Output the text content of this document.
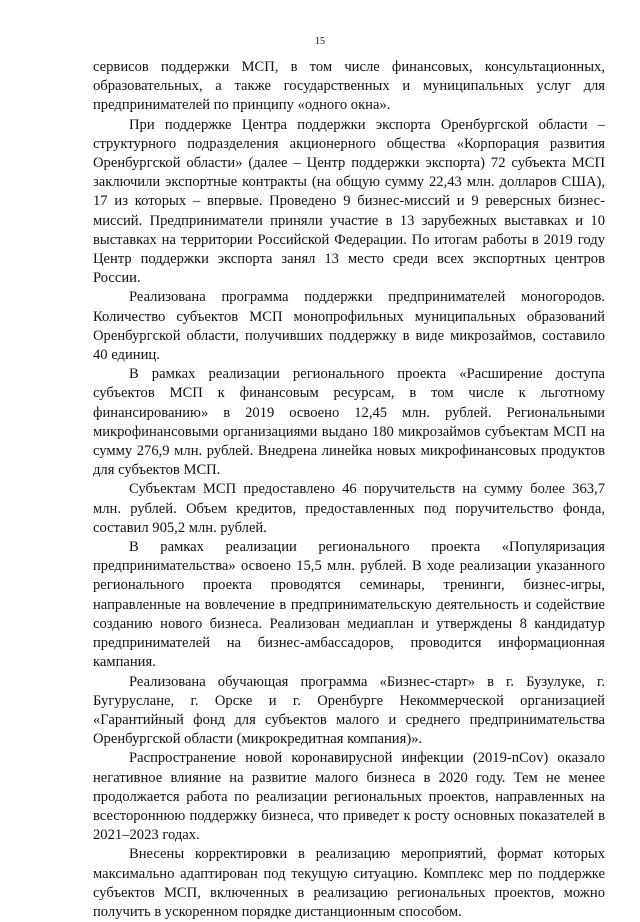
15

сервисов поддержки МСП, в том числе финансовых, консультационных, образовательных, а также государственных и муниципальных услуг для предпринимателей по принципу «одного окна».

При поддержке Центра поддержки экспорта Оренбургской области – структурного подразделения акционерного общества «Корпорация развития Оренбургской области» (далее – Центр поддержки экспорта) 72 субъекта МСП заключили экспортные контракты (на общую сумму 22,43 млн. долларов США), 17 из которых – впервые. Проведено 9 бизнес-миссий и 9 реверсных бизнес-миссий. Предприниматели приняли участие в 13 зарубежных выставках и 10 выставках на территории Российской Федерации. По итогам работы в 2019 году Центр поддержки экспорта занял 13 место среди всех экспортных центров России.

Реализована программа поддержки предпринимателей моногородов. Количество субъектов МСП монопрофильных муниципальных образований Оренбургской области, получивших поддержку в виде микрозаймов, составило 40 единиц.

В рамках реализации регионального проекта «Расширение доступа субъектов МСП к финансовым ресурсам, в том числе к льготному финансированию» в 2019 освоено 12,45 млн. рублей. Региональными микрофинансовыми организациями выдано 180 микрозаймов субъектам МСП на сумму 276,9 млн. рублей. Внедрена линейка новых микрофинансовых продуктов для субъектов МСП.

Субъектам МСП предоставлено 46 поручительств на сумму более 363,7 млн. рублей. Объем кредитов, предоставленных под поручительство фонда, составил 905,2 млн. рублей.

В рамках реализации регионального проекта «Популяризация предпринимательства» освоено 15,5 млн. рублей. В ходе реализации указанного регионального проекта проводятся семинары, тренинги, бизнес-игры, направленные на вовлечение в предпринимательскую деятельность и содействие созданию нового бизнеса. Реализован медиаплан и утверждены 8 кандидатур предпринимателей на бизнес-амбассадоров, проводится информационная кампания.

Реализована обучающая программа «Бизнес-старт» в г. Бузулуке, г. Бугуруслане, г. Орске и г. Оренбурге Некоммерческой организацией «Гарантийный фонд для субъектов малого и среднего предпринимательства Оренбургской области (микрокредитная компания)».

Распространение новой коронавирусной инфекции (2019-nCov) оказало негативное влияние на развитие малого бизнеса в 2020 году. Тем не менее продолжается работа по реализации региональных проектов, направленных на всестороннюю поддержку бизнеса, что приведет к росту основных показателей в 2021–2023 годах.

Внесены корректировки в реализацию мероприятий, формат которых максимально адаптирован под текущую ситуацию. Комплекс мер по поддержке субъектов МСП, включенных в реализацию региональных проектов, можно получить в ускоренном порядке дистанционным способом.
